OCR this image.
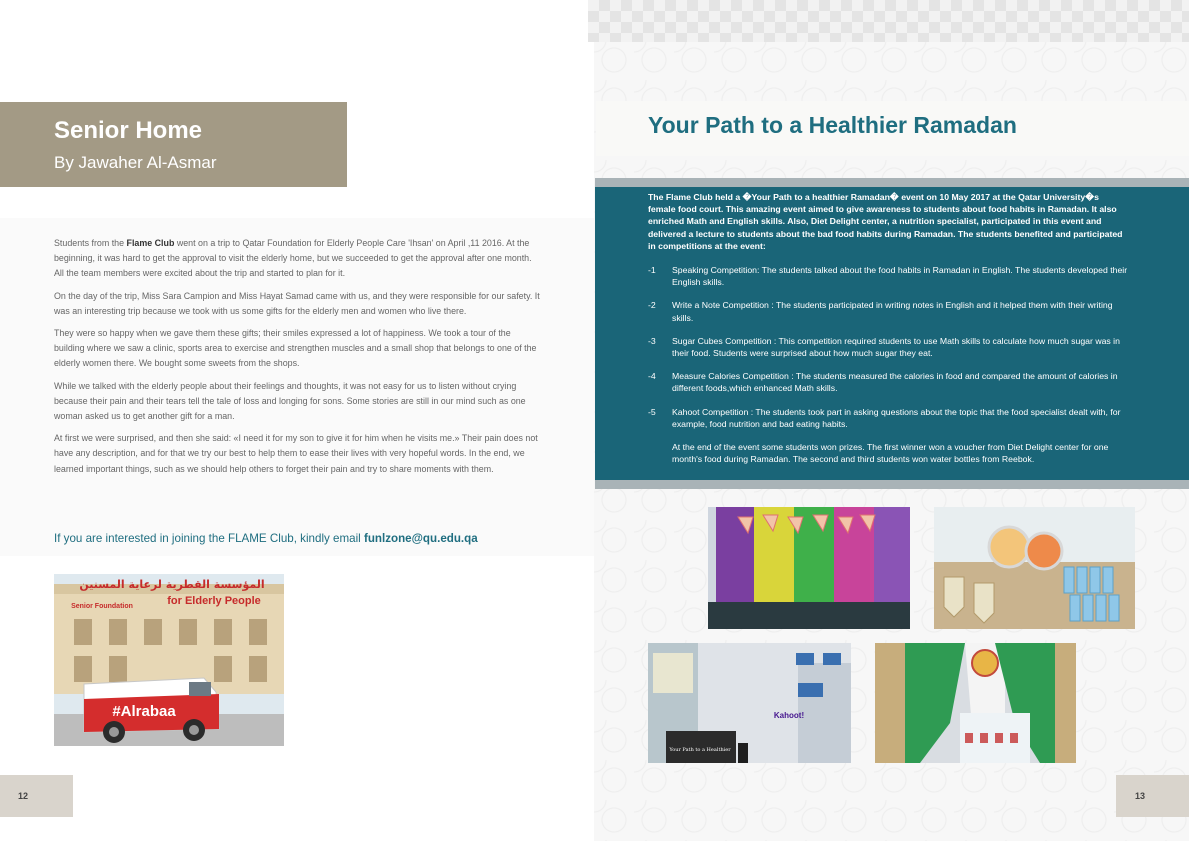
Senior Home
By Jawaher Al-Asmar

Students from the Flame Club went on a trip to Qatar Foundation for Elderly People Care 'Ihsan' on April ,11 2016. At the beginning, it was hard to get the approval to visit the elderly home, but we succeeded to get the approval after one month. All the team members were excited about the trip and started to plan for it.

On the day of the trip, Miss Sara Campion and Miss Hayat Samad came with us, and they were responsible for our safety. It was an interesting trip because we took with us some gifts for the elderly men and women who live there.

They were so happy when we gave them these gifts; their smiles expressed a lot of happiness. We took a tour of the building where we saw a clinic, sports area to exercise and strengthen muscles and a small shop that belongs to one of the elderly women there. We bought some sweets from the shops.

While we talked with the elderly people about their feelings and thoughts, it was not easy for us to listen without crying because their pain and their tears tell the tale of loss and longing for sons. Some stories are still in our mind such as one woman asked us to get another gift for a man.

At first we were surprised, and then she said: «I need it for my son to give it for him when he visits me.» Their pain does not have any description, and for that we try our best to help them to ease their lives with very hopeful words. In the end, we learned important things, such as we should help others to forget their pain and try to share moments with them.

If you are interested in joining the FLAME Club, kindly email funlzone@qu.edu.qa
المؤسسة القطرية لرعاية المسنين
for Elderly People
Senior Foundation
#Alrabaa
12
Your Path to a Healthier Ramadan
The Flame Club held a �Your Path to a healthier Ramadan� event on 10 May 2017 at the Qatar University�s female food court. This amazing event aimed to give awareness to students about food habits in Ramadan. It also enriched Math and English skills. Also, Diet Delight center, a nutrition specialist, participated in this event and delivered a lecture to students about the bad food habits during Ramadan. The students benefited and participated in competitions at the event:
-1	Speaking Competition: The students talked about the food habits in Ramadan in English. The students developed their English skills.
-2	Write a Note Competition : The students participated in writing notes in English and it helped them with their writing skills.
-3	Sugar Cubes Competition : This competition required students to use Math skills to calculate how much sugar was in their food. Students were surprised about how much sugar they eat.
-4	Measure Calories Competition : The students measured the calories in food and compared the amount of calories in different foods,which enhanced Math skills.
-5	Kahoot Competition : The students took part in asking questions about the topic that the food specialist dealt with, for example, food nutrition and bad eating habits.
At the end of the event some students won prizes. The first winner won a voucher from Diet Delight center for one month's food during Ramadan. The second and third students won water bottles from Reebok.
Kahoot!
Your Path to a Healthier
13
